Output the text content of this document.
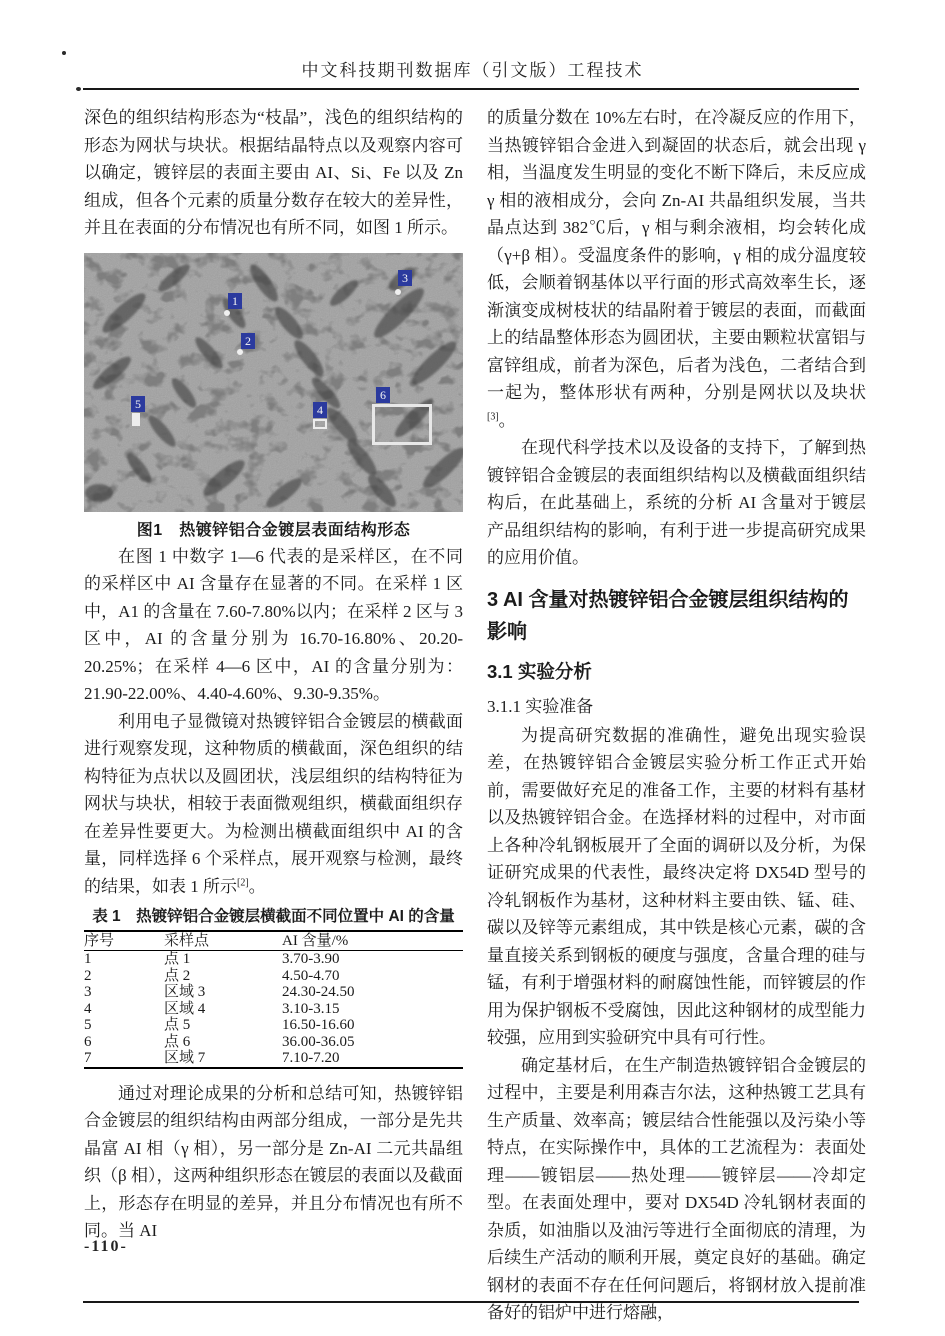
中文科技期刊数据库（引文版）工程技术

深色的组织结构形态为“枝晶”，浅色的组织结构的形态为网状与块状。根据结晶特点以及观察内容可以确定，镀锌层的表面主要由 AI、Si、Fe 以及 Zn 组成，但各个元素的质量分数存在较大的差异性，并且在表面的分布情况也有所不同，如图 1 所示。

1
2
3
4
5
6

图1　热镀锌铝合金镀层表面结构形态

在图 1 中数字 1—6 代表的是采样区，在不同的采样区中 AI 含量存在显著的不同。在采样 1 区中，A1 的含量在 7.60-7.80%以内；在采样 2 区与 3 区中，AI 的含量分别为 16.70-16.80%、20.20-20.25%；在采样 4—6 区中，AI 的含量分别为：21.90-22.00%、4.40-4.60%、9.30-9.35%。

利用电子显微镜对热镀锌铝合金镀层的横截面进行观察发现，这种物质的横截面，深色组织的结构特征为点状以及圆团状，浅层组织的结构特征为网状与块状，相较于表面微观组织，横截面组织存在差异性要更大。为检测出横截面组织中 AI 的含量，同样选择 6 个采样点，展开观察与检测，最终的结果，如表 1 所示[2]。

表 1　热镀锌铝合金镀层横截面不同位置中 AI 的含量

序号	采样点	AI 含量/%
1	点 1	3.70-3.90
2	点 2	4.50-4.70
3	区域 3	24.30-24.50
4	区域 4	3.10-3.15
5	点 5	16.50-16.60
6	点 6	36.00-36.05
7	区域 7	7.10-7.20

通过对理论成果的分析和总结可知，热镀锌铝合金镀层的组织结构由两部分组成，一部分是先共晶富 AI 相（γ 相），另一部分是 Zn-AI 二元共晶组织（β 相），这两种组织形态在镀层的表面以及截面上，形态存在明显的差异，并且分布情况也有所不同。当 AI

的质量分数在 10%左右时，在冷凝反应的作用下，当热镀锌铝合金进入到凝固的状态后，就会出现 γ 相，当温度发生明显的变化不断下降后，未反应成 γ 相的液相成分，会向 Zn-AI 共晶组织发展，当共晶点达到 382℃后，γ 相与剩余液相，均会转化成（γ+β 相）。受温度条件的影响，γ 相的成分温度较低，会顺着钢基体以平行面的形式高效率生长，逐渐演变成树枝状的结晶附着于镀层的表面，而截面上的结晶整体形态为圆团状，主要由颗粒状富铝与富锌组成，前者为深色，后者为浅色，二者结合到一起为，整体形状有两种，分别是网状以及块状[3]。

在现代科学技术以及设备的支持下，了解到热镀锌铝合金镀层的表面组织结构以及横截面组织结构后，在此基础上，系统的分析 AI 含量对于镀层产品组织结构的影响，有利于进一步提高研究成果的应用价值。

3 AI 含量对热镀锌铝合金镀层组织结构的影响

3.1 实验分析

3.1.1 实验准备

为提高研究数据的准确性，避免出现实验误差，在热镀锌铝合金镀层实验分析工作正式开始前，需要做好充足的准备工作，主要的材料有基材以及热镀锌铝合金。在选择材料的过程中，对市面上各种冷轧钢板展开了全面的调研以及分析，为保证研究成果的代表性，最终决定将 DX54D 型号的冷轧钢板作为基材，这种材料主要由铁、锰、硅、碳以及锌等元素组成，其中铁是核心元素，碳的含量直接关系到钢板的硬度与强度，含量合理的硅与锰，有利于增强材料的耐腐蚀性能，而锌镀层的作用为保护钢板不受腐蚀，因此这种钢材的成型能力较强，应用到实验研究中具有可行性。

确定基材后，在生产制造热镀锌铝合金镀层的过程中，主要是利用森吉尔法，这种热镀工艺具有生产质量、效率高；镀层结合性能强以及污染小等特点，在实际操作中，具体的工艺流程为：表面处理——镀铝层——热处理——镀锌层——冷却定型。在表面处理中，要对 DX54D 冷轧钢材表面的杂质，如油脂以及油污等进行全面彻底的清理，为后续生产活动的顺利开展，奠定良好的基础。确定钢材的表面不存在任何问题后，将钢材放入提前准备好的铝炉中进行熔融，

-110-
